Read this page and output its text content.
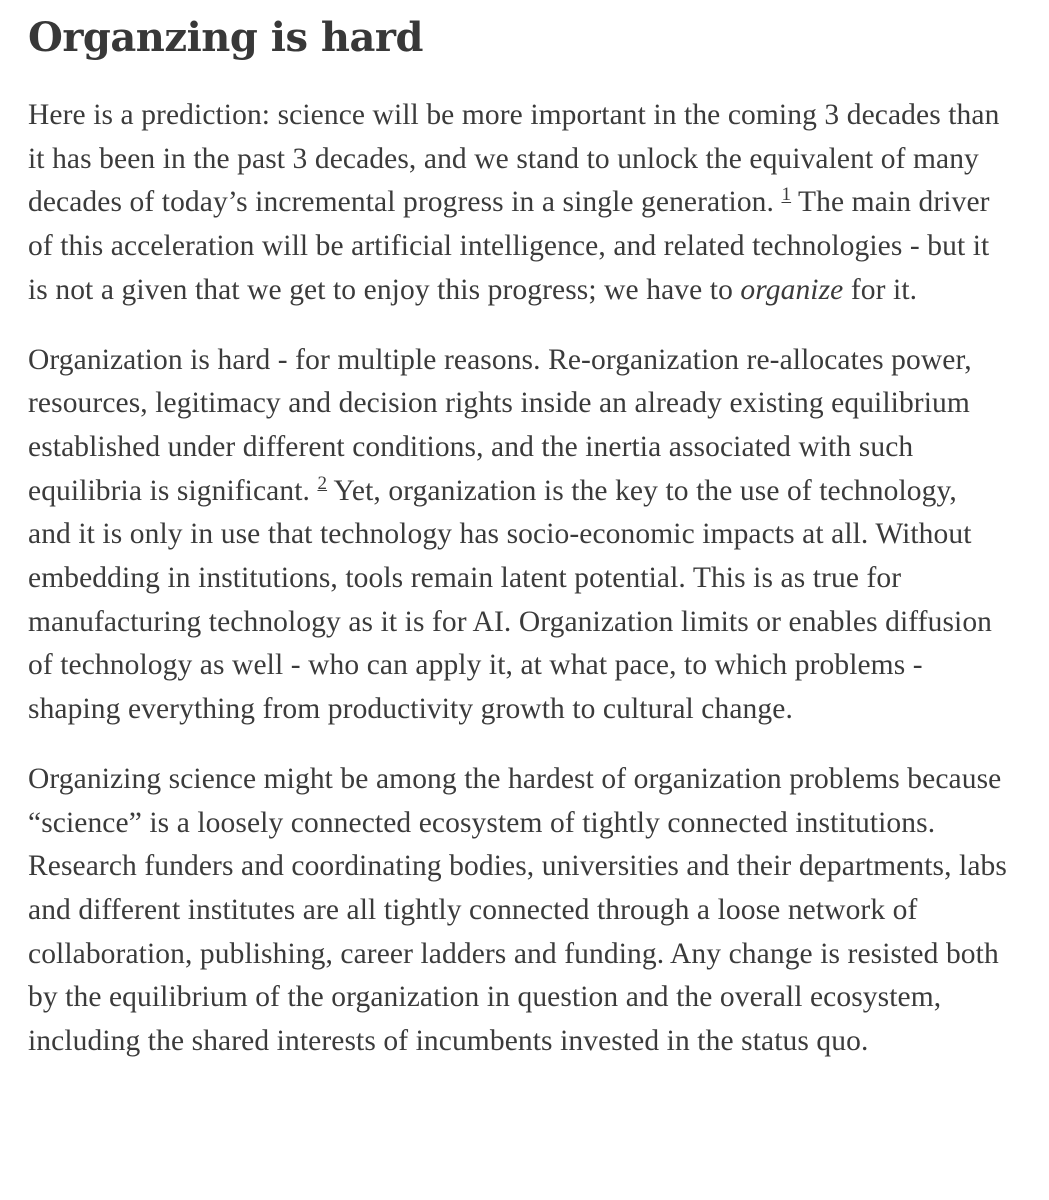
Organzing is hard

Here is a prediction: science will be more important in the coming 3 decades than it has been in the past 3 decades, and we stand to unlock the equivalent of many decades of today’s incremental progress in a single generation. $^1$ The main driver of this acceleration will be artificial intelligence, and related technologies - but it is not a given that we get to enjoy this progress; we have to organize for it.

Organization is hard - for multiple reasons. Re-organization re-allocates power, resources, legitimacy and decision rights inside an already existing equilibrium established under different conditions, and the inertia associated with such equilibria is significant. $^2$ Yet, organization is the key to the use of technology, and it is only in use that technology has socio-economic impacts at all. Without embedding in institutions, tools remain latent potential. This is as true for manufacturing technology as it is for AI. Organization limits or enables diffusion of technology as well - who can apply it, at what pace, to which problems - shaping everything from productivity growth to cultural change.

Organizing science might be among the hardest of organization problems because “science” is a loosely connected ecosystem of tightly connected institutions. Research funders and coordinating bodies, universities and their departments, labs and different institutes are all tightly connected through a loose network of collaboration, publishing, career ladders and funding. Any change is resisted both by the equilibrium of the organization in question and the overall ecosystem, including the shared interests of incumbents invested in the status quo.
